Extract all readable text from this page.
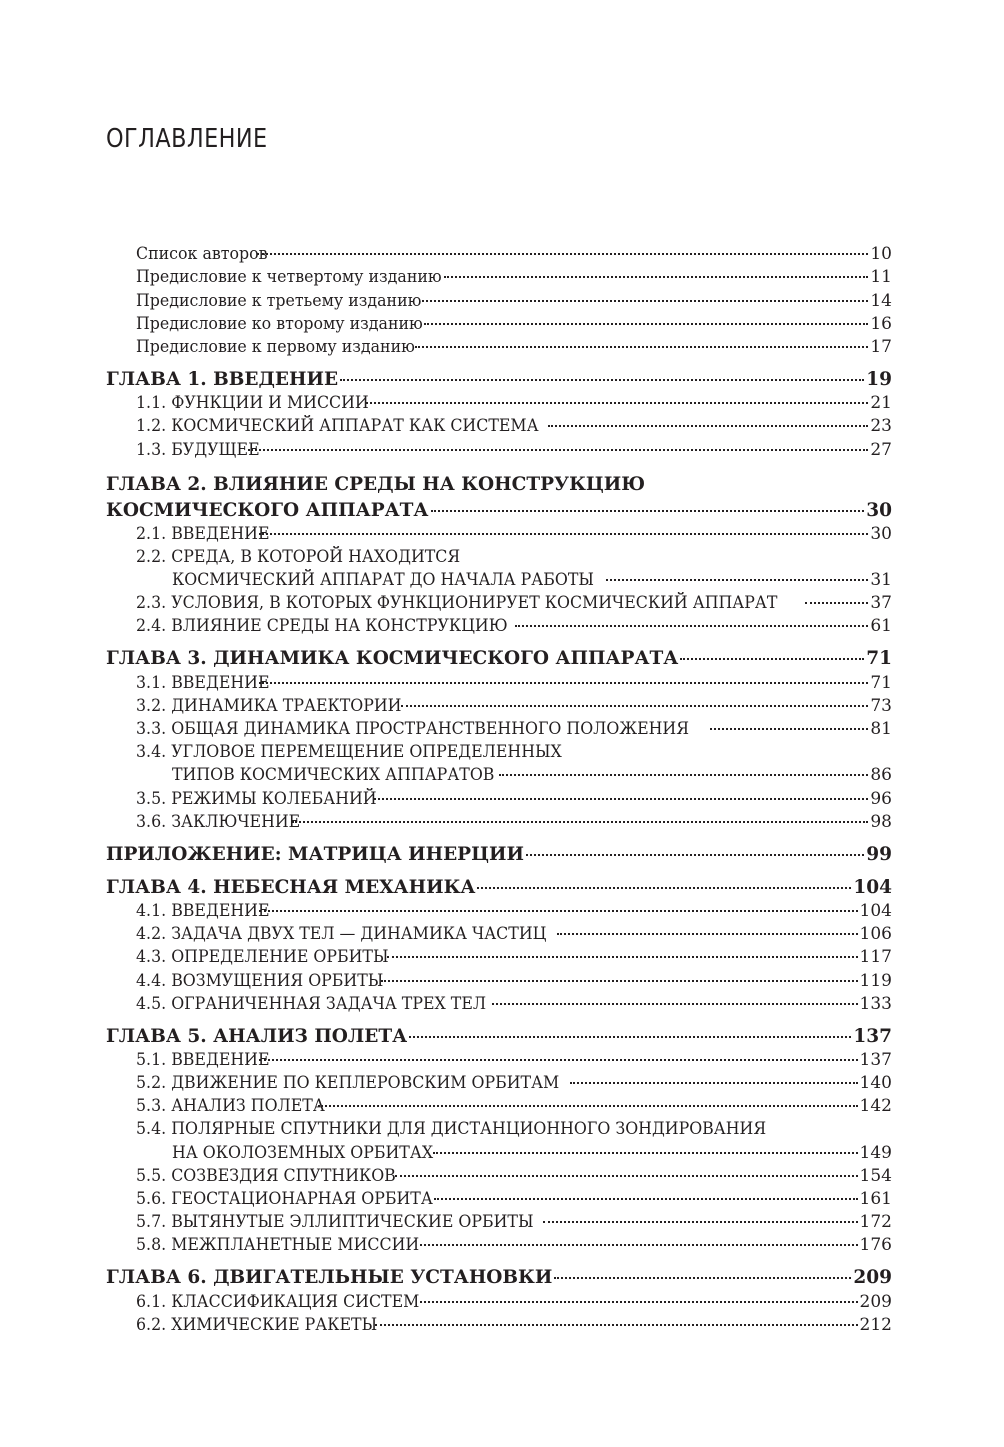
ОГЛАВЛЕНИЕ
Список авторов	10
Предисловие к четвертому изданию	11
Предисловие к третьему изданию	14
Предисловие ко второму изданию	16
Предисловие к первому изданию	17
ГЛАВА 1. ВВЕДЕНИЕ	19
1.1. ФУНКЦИИ И МИССИИ	21
1.2. КОСМИЧЕСКИЙ АППАРАТ КАК СИСТЕМА	23
1.3. БУДУЩЕЕ	27
ГЛАВА 2. ВЛИЯНИЕ СРЕДЫ НА КОНСТРУКЦИЮ
КОСМИЧЕСКОГО АППАРАТА	30
2.1. ВВЕДЕНИЕ	30
2.2. СРЕДА, В КОТОРОЙ НАХОДИТСЯ
КОСМИЧЕСКИЙ АППАРАТ ДО НАЧАЛА РАБОТЫ	31
2.3. УСЛОВИЯ, В КОТОРЫХ ФУНКЦИОНИРУЕТ КОСМИЧЕСКИЙ АППАРАТ	37
2.4. ВЛИЯНИЕ СРЕДЫ НА КОНСТРУКЦИЮ	61
ГЛАВА 3. ДИНАМИКА КОСМИЧЕСКОГО АППАРАТА	71
3.1. ВВЕДЕНИЕ	71
3.2. ДИНАМИКА ТРАЕКТОРИИ	73
3.3. ОБЩАЯ ДИНАМИКА ПРОСТРАНСТВЕННОГО ПОЛОЖЕНИЯ	81
3.4. УГЛОВОЕ ПЕРЕМЕЩЕНИЕ ОПРЕДЕЛЕННЫХ
ТИПОВ КОСМИЧЕСКИХ АППАРАТОВ	86
3.5. РЕЖИМЫ КОЛЕБАНИЙ	96
3.6. ЗАКЛЮЧЕНИЕ	98
ПРИЛОЖЕНИЕ: МАТРИЦА ИНЕРЦИИ	99
ГЛАВА 4. НЕБЕСНАЯ МЕХАНИКА	104
4.1. ВВЕДЕНИЕ	104
4.2. ЗАДАЧА ДВУХ ТЕЛ — ДИНАМИКА ЧАСТИЦ	106
4.3. ОПРЕДЕЛЕНИЕ ОРБИТЫ	117
4.4. ВОЗМУЩЕНИЯ ОРБИТЫ	119
4.5. ОГРАНИЧЕННАЯ ЗАДАЧА ТРЕХ ТЕЛ	133
ГЛАВА 5. АНАЛИЗ ПОЛЕТА	137
5.1. ВВЕДЕНИЕ	137
5.2. ДВИЖЕНИЕ ПО КЕПЛЕРОВСКИМ ОРБИТАМ	140
5.3. АНАЛИЗ ПОЛЕТА	142
5.4. ПОЛЯРНЫЕ СПУТНИКИ ДЛЯ ДИСТАНЦИОННОГО ЗОНДИРОВАНИЯ
НА ОКОЛОЗЕМНЫХ ОРБИТАХ	149
5.5. СОЗВЕЗДИЯ СПУТНИКОВ	154
5.6. ГЕОСТАЦИОНАРНАЯ ОРБИТА	161
5.7. ВЫТЯНУТЫЕ ЭЛЛИПТИЧЕСКИЕ ОРБИТЫ	172
5.8. МЕЖПЛАНЕТНЫЕ МИССИИ	176
ГЛАВА 6. ДВИГАТЕЛЬНЫЕ УСТАНОВКИ	209
6.1. КЛАССИФИКАЦИЯ СИСТЕМ	209
6.2. ХИМИЧЕСКИЕ РАКЕТЫ	212
